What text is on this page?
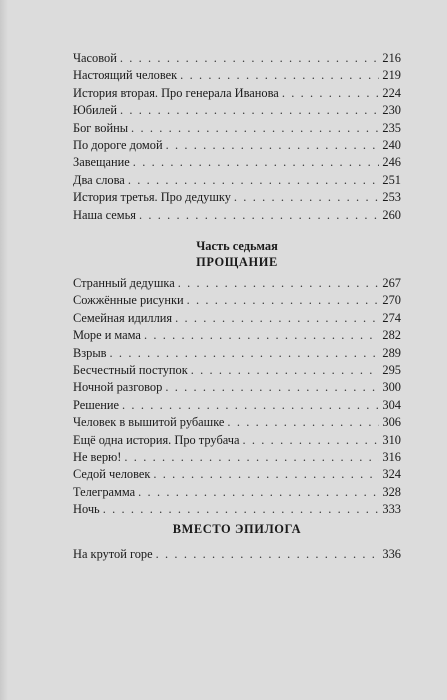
Часовой . . .	216
Настоящий человек . . .	219
История вторая. Про генерала Иванова . . .	224
Юбилей . . .	230
Бог войны . . .	235
По дороге домой . . .	240
Завещание . . .	246
Два слова . . .	251
История третья. Про дедушку . . .	253
Наша семья . . .	260
Часть седьмая
ПРОЩАНИЕ
Странный дедушка . . .	267
Сожжённые рисунки . . .	270
Семейная идиллия . . .	274
Море и мама . . .	282
Взрыв . . .	289
Бесчестный поступок . . .	295
Ночной разговор . . .	300
Решение . . .	304
Человек в вышитой рубашке . . .	306
Ещё одна история. Про трубача . . .	310
Не верю! . . .	316
Седой человек . . .	324
Телеграмма . . .	328
Ночь . . .	333
ВМЕСТО ЭПИЛОГА
На крутой горе . . .	336
